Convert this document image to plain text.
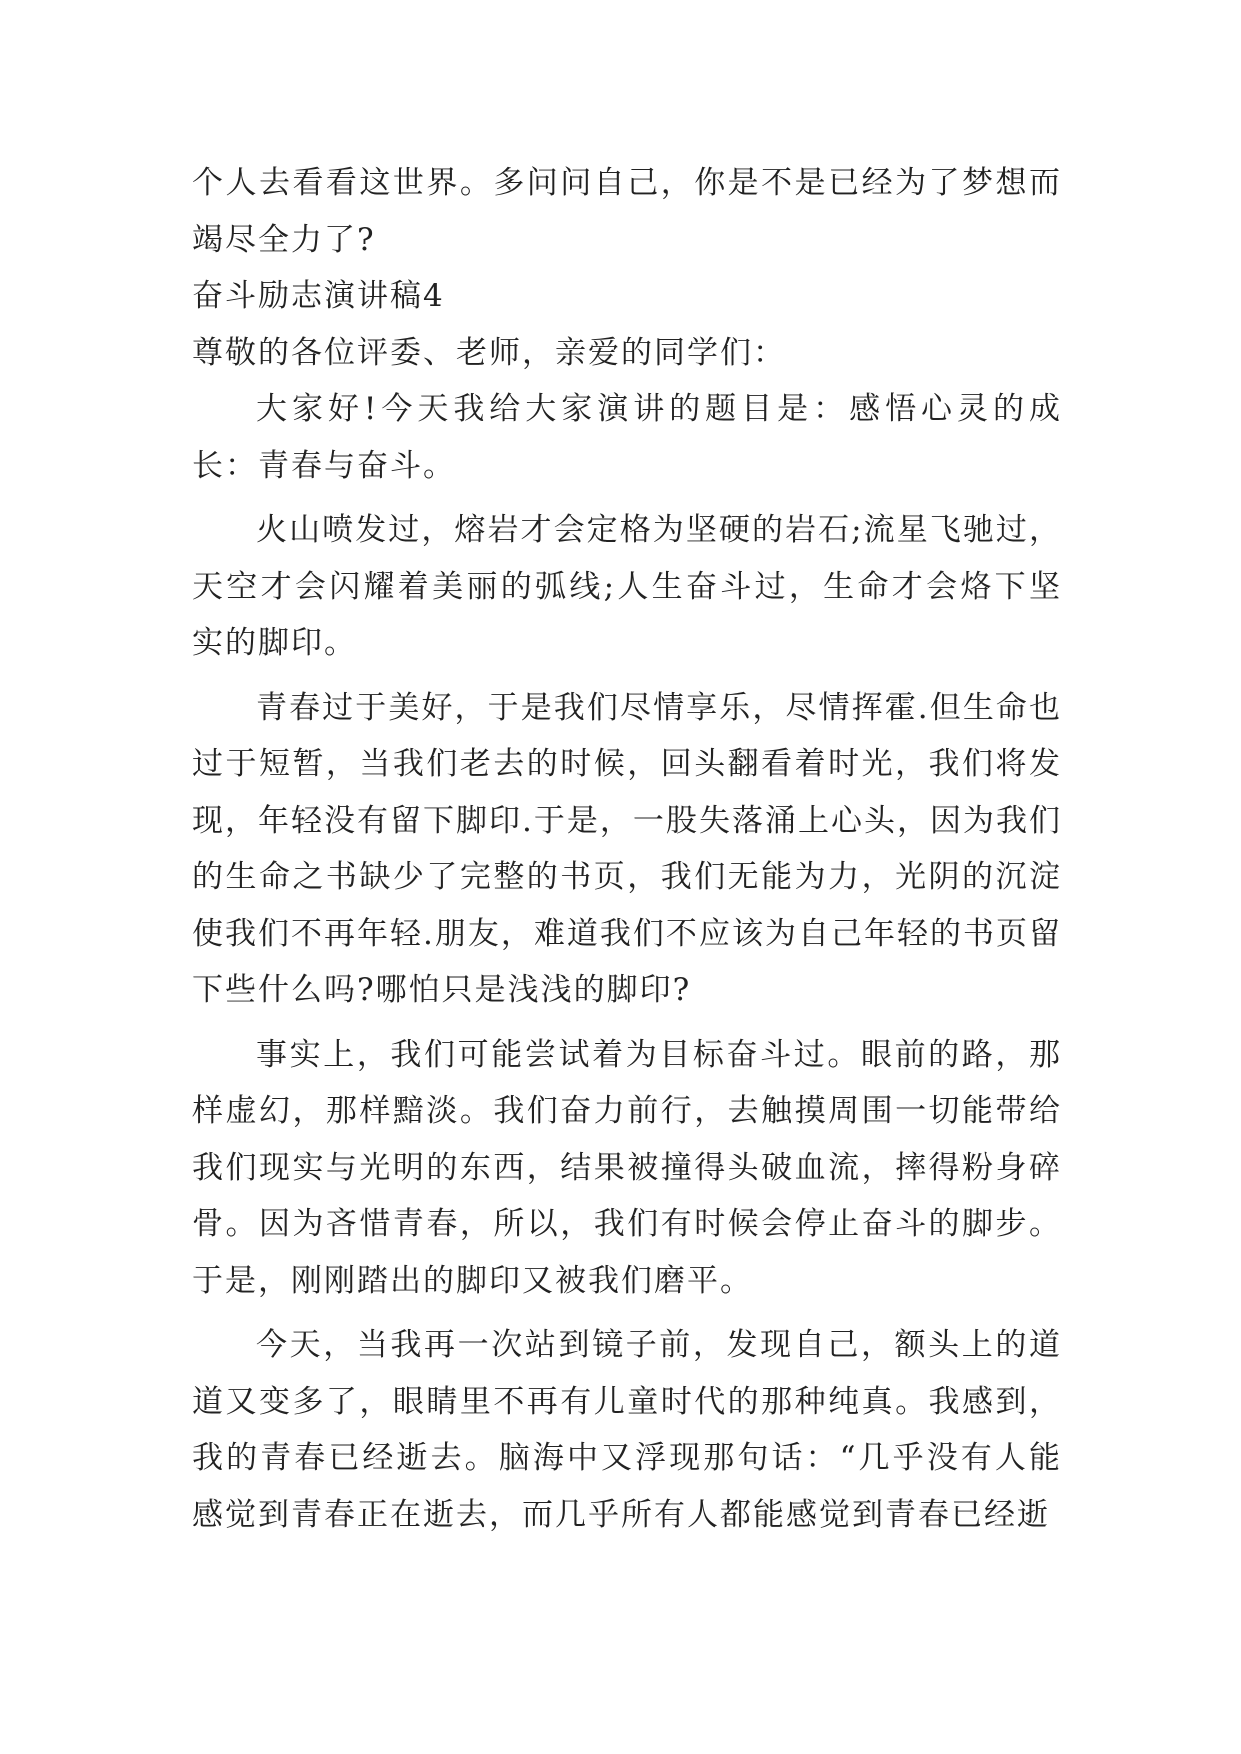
个人去看看这世界。多问问自己，你是不是已经为了梦想而竭尽全力了?

奋斗励志演讲稿4

尊敬的各位评委、老师，亲爱的同学们：

大家好!今天我给大家演讲的题目是：感悟心灵的成长：青春与奋斗。

火山喷发过，熔岩才会定格为坚硬的岩石;流星飞驰过，天空才会闪耀着美丽的弧线;人生奋斗过，生命才会烙下坚实的脚印。

青春过于美好，于是我们尽情享乐，尽情挥霍.但生命也过于短暂，当我们老去的时候，回头翻看着时光，我们将发现，年轻没有留下脚印.于是，一股失落涌上心头，因为我们的生命之书缺少了完整的书页，我们无能为力，光阴的沉淀使我们不再年轻.朋友，难道我们不应该为自己年轻的书页留下些什么吗?哪怕只是浅浅的脚印?

事实上，我们可能尝试着为目标奋斗过。眼前的路，那样虚幻，那样黯淡。我们奋力前行，去触摸周围一切能带给我们现实与光明的东西，结果被撞得头破血流，摔得粉身碎骨。因为吝惜青春，所以，我们有时候会停止奋斗的脚步。于是，刚刚踏出的脚印又被我们磨平。

今天，当我再一次站到镜子前，发现自己，额头上的道道又变多了，眼睛里不再有儿童时代的那种纯真。我感到，我的青春已经逝去。脑海中又浮现那句话：“几乎没有人能感觉到青春正在逝去，而几乎所有人都能感觉到青春已经逝
